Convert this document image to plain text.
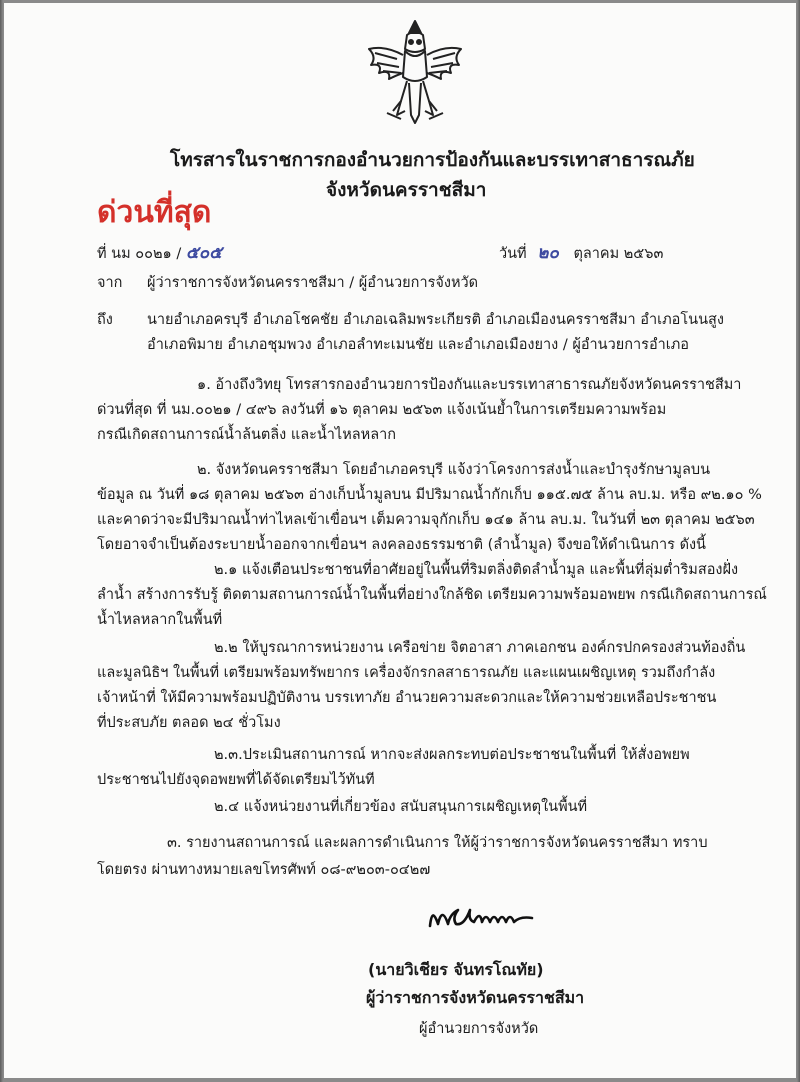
โทรสารในราชการกองอำนวยการป้องกันและบรรเทาสาธารณภัย
จังหวัดนครราชสีมา
ด่วนที่สุด
ที่ นม ๐๐๒๑ / ๕๐๕	วันที่ ๒๐ ตุลาคม ๒๕๖๓
จาก ผู้ว่าราชการจังหวัดนครราชสีมา / ผู้อำนวยการจังหวัด
ถึง นายอำเภอครบุรี อำเภอโชคชัย อำเภอเฉลิมพระเกียรติ อำเภอเมืองนครราชสีมา อำเภอโนนสูง
อำเภอพิมาย อำเภอชุมพวง อำเภอลำทะเมนชัย และอำเภอเมืองยาง / ผู้อำนวยการอำเภอ
๑. อ้างถึงวิทยุ โทรสารกองอำนวยการป้องกันและบรรเทาสาธารณภัยจังหวัดนครราชสีมา
ด่วนที่สุด ที่ นม.๐๐๒๑ / ๔๙๖ ลงวันที่ ๑๖ ตุลาคม ๒๕๖๓ แจ้งเน้นย้ำในการเตรียมความพร้อม
กรณีเกิดสถานการณ์น้ำล้นตลิ่ง และน้ำไหลหลาก
๒. จังหวัดนครราชสีมา โดยอำเภอครบุรี แจ้งว่าโครงการส่งน้ำและบำรุงรักษามูลบน
ข้อมูล ณ วันที่ ๑๘ ตุลาคม ๒๕๖๓ อ่างเก็บน้ำมูลบน มีปริมาณน้ำกักเก็บ ๑๑๕.๗๕ ล้าน ลบ.ม. หรือ ๙๒.๑๐ %
และคาดว่าจะมีปริมาณน้ำท่าไหลเข้าเขื่อนฯ เต็มความจุกักเก็บ ๑๔๑ ล้าน ลบ.ม. ในวันที่ ๒๓ ตุลาคม ๒๕๖๓
โดยอาจจำเป็นต้องระบายน้ำออกจากเขื่อนฯ ลงคลองธรรมชาติ (ลำน้ำมูล) จึงขอให้ดำเนินการ ดังนี้
๒.๑ แจ้งเตือนประชาชนที่อาศัยอยู่ในพื้นที่ริมตลิ่งติดลำน้ำมูล และพื้นที่ลุ่มต่ำริมสองฝั่ง
ลำน้ำ สร้างการรับรู้ ติดตามสถานการณ์น้ำในพื้นที่อย่างใกล้ชิด เตรียมความพร้อมอพยพ กรณีเกิดสถานการณ์
น้ำไหลหลากในพื้นที่
๒.๒ ให้บูรณาการหน่วยงาน เครือข่าย จิตอาสา ภาคเอกชน องค์กรปกครองส่วนท้องถิ่น
และมูลนิธิฯ ในพื้นที่ เตรียมพร้อมทรัพยากร เครื่องจักรกลสาธารณภัย และแผนเผชิญเหตุ รวมถึงกำลัง
เจ้าหน้าที่ ให้มีความพร้อมปฏิบัติงาน บรรเทาภัย อำนวยความสะดวกและให้ความช่วยเหลือประชาชน
ที่ประสบภัย ตลอด ๒๔ ชั่วโมง
๒.๓.ประเมินสถานการณ์ หากจะส่งผลกระทบต่อประชาชนในพื้นที่ ให้สั่งอพยพ
ประชาชนไปยังจุดอพยพที่ได้จัดเตรียมไว้ทันที
๒.๔ แจ้งหน่วยงานที่เกี่ยวข้อง สนับสนุนการเผชิญเหตุในพื้นที่
๓. รายงานสถานการณ์ และผลการดำเนินการ ให้ผู้ว่าราชการจังหวัดนครราชสีมา ทราบ
โดยตรง ผ่านทางหมายเลขโทรศัพท์ ๐๘-๙๒๐๓-๐๔๒๗
(นายวิเชียร จันทรโณทัย)
ผู้ว่าราชการจังหวัดนครราชสีมา
ผู้อำนวยการจังหวัด
